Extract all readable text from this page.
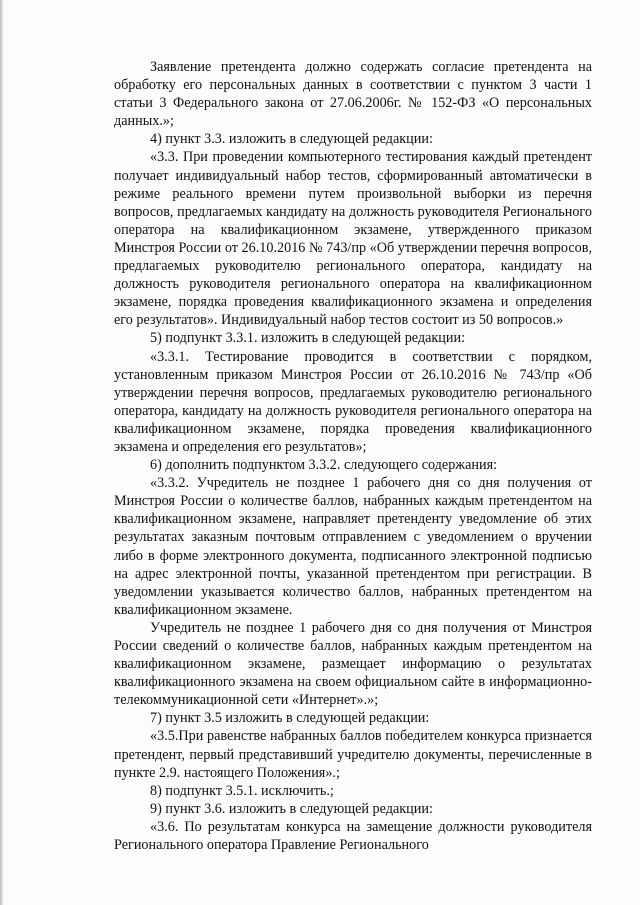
Заявление претендента должно содержать согласие претендента на обработку его персональных данных в соответствии с пунктом 3 части 1 статьи 3 Федерального закона от 27.06.2006г. № 152-ФЗ «О персональных данных.»;

4) пункт 3.3. изложить в следующей редакции:

«3.3. При проведении компьютерного тестирования каждый претендент получает индивидуальный набор тестов, сформированный автоматически в режиме реального времени путем произвольной выборки из перечня вопросов, предлагаемых кандидату на должность руководителя Регионального оператора на квалификационном экзамене, утвержденного приказом Минстроя России от 26.10.2016 № 743/пр «Об утверждении перечня вопросов, предлагаемых руководителю регионального оператора, кандидату на должность руководителя регионального оператора на квалификационном экзамене, порядка проведения квалификационного экзамена и определения его результатов». Индивидуальный набор тестов состоит из 50 вопросов.»

5) подпункт 3.3.1. изложить в следующей редакции:

«3.3.1. Тестирование проводится в соответствии с порядком, установленным приказом Минстроя России от 26.10.2016 № 743/пр «Об утверждении перечня вопросов, предлагаемых руководителю регионального оператора, кандидату на должность руководителя регионального оператора на квалификационном экзамене, порядка проведения квалификационного экзамена и определения его результатов»;

6) дополнить подпунктом 3.3.2. следующего содержания:

«3.3.2. Учредитель не позднее 1 рабочего дня со дня получения от Минстроя России о количестве баллов, набранных каждым претендентом на квалификационном экзамене, направляет претенденту уведомление об этих результатах заказным почтовым отправлением с уведомлением о вручении либо в форме электронного документа, подписанного электронной подписью на адрес электронной почты, указанной претендентом при регистрации. В уведомлении указывается количество баллов, набранных претендентом на квалификационном экзамене.

Учредитель не позднее 1 рабочего дня со дня получения от Минстроя России сведений о количестве баллов, набранных каждым претендентом на квалификационном экзамене, размещает информацию о результатах квалификационного экзамена на своем официальном сайте в информационно-телекоммуникационной сети «Интернет».»;

7) пункт 3.5 изложить в следующей редакции:

«3.5.При равенстве набранных баллов победителем конкурса признается претендент, первый представивший учредителю документы, перечисленные в пункте 2.9. настоящего Положения».;

8) подпункт 3.5.1. исключить.;

9) пункт 3.6. изложить в следующей редакции:

«3.6. По результатам конкурса на замещение должности руководителя Регионального оператора Правление Регионального
